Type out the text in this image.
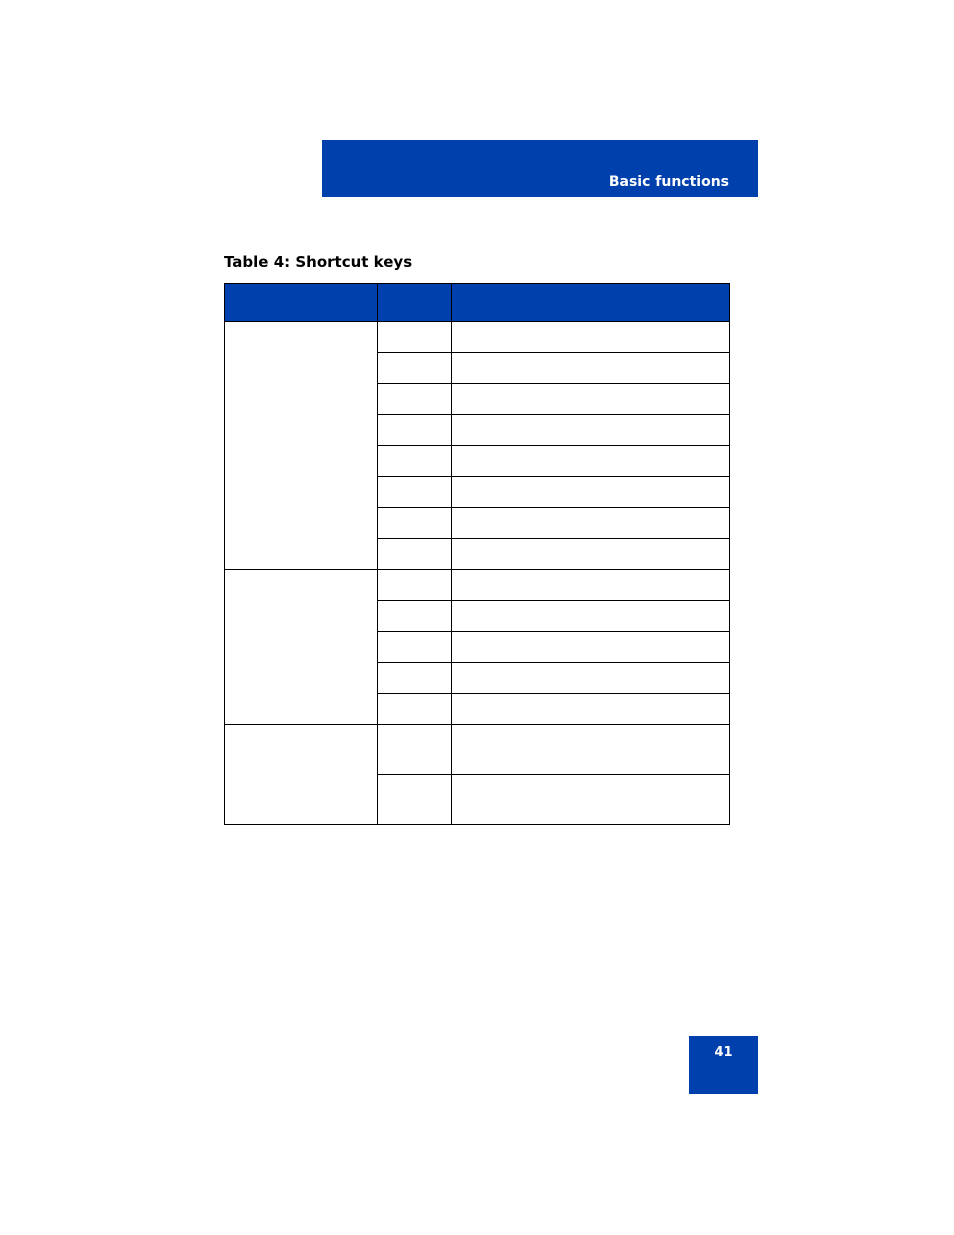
Basic functions
Table 4: Shortcut keys

41
